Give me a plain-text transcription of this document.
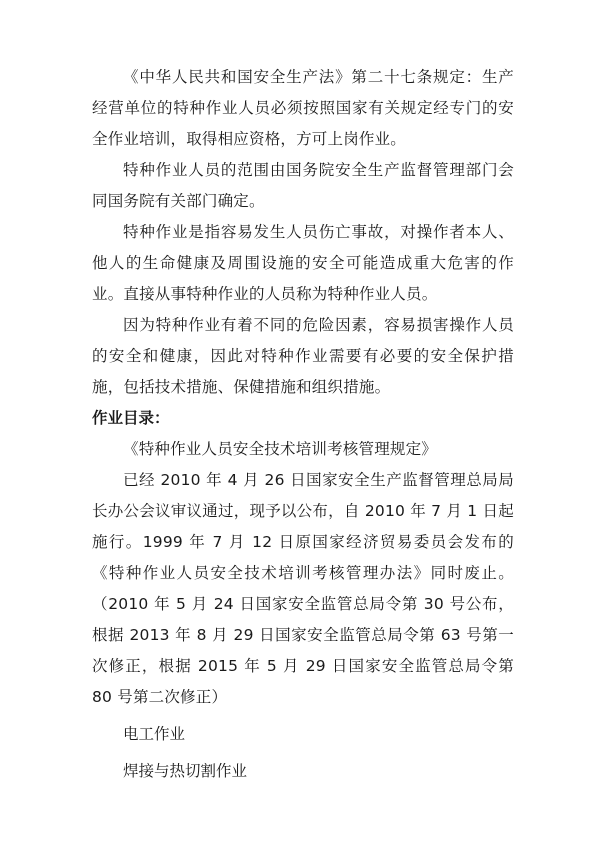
《中华人民共和国安全生产法》第二十七条规定：生产经营单位的特种作业人员必须按照国家有关规定经专门的安全作业培训，取得相应资格，方可上岗作业。

特种作业人员的范围由国务院安全生产监督管理部门会同国务院有关部门确定。

特种作业是指容易发生人员伤亡事故，对操作者本人、他人的生命健康及周围设施的安全可能造成重大危害的作业。直接从事特种作业的人员称为特种作业人员。

因为特种作业有着不同的危险因素，容易损害操作人员的安全和健康，因此对特种作业需要有必要的安全保护措施，包括技术措施、保健措施和组织措施。

作业目录：

《特种作业人员安全技术培训考核管理规定》

已经 2010 年 4 月 26 日国家安全生产监督管理总局局长办公会议审议通过，现予以公布，自 2010 年 7 月 1 日起施行。1999 年 7 月 12 日原国家经济贸易委员会发布的《特种作业人员安全技术培训考核管理办法》同时废止。（2010 年 5 月 24 日国家安全监管总局令第 30 号公布，根据 2013 年 8 月 29 日国家安全监管总局令第 63 号第一次修正，根据 2015 年 5 月 29 日国家安全监管总局令第 80 号第二次修正）

电工作业

焊接与热切割作业
